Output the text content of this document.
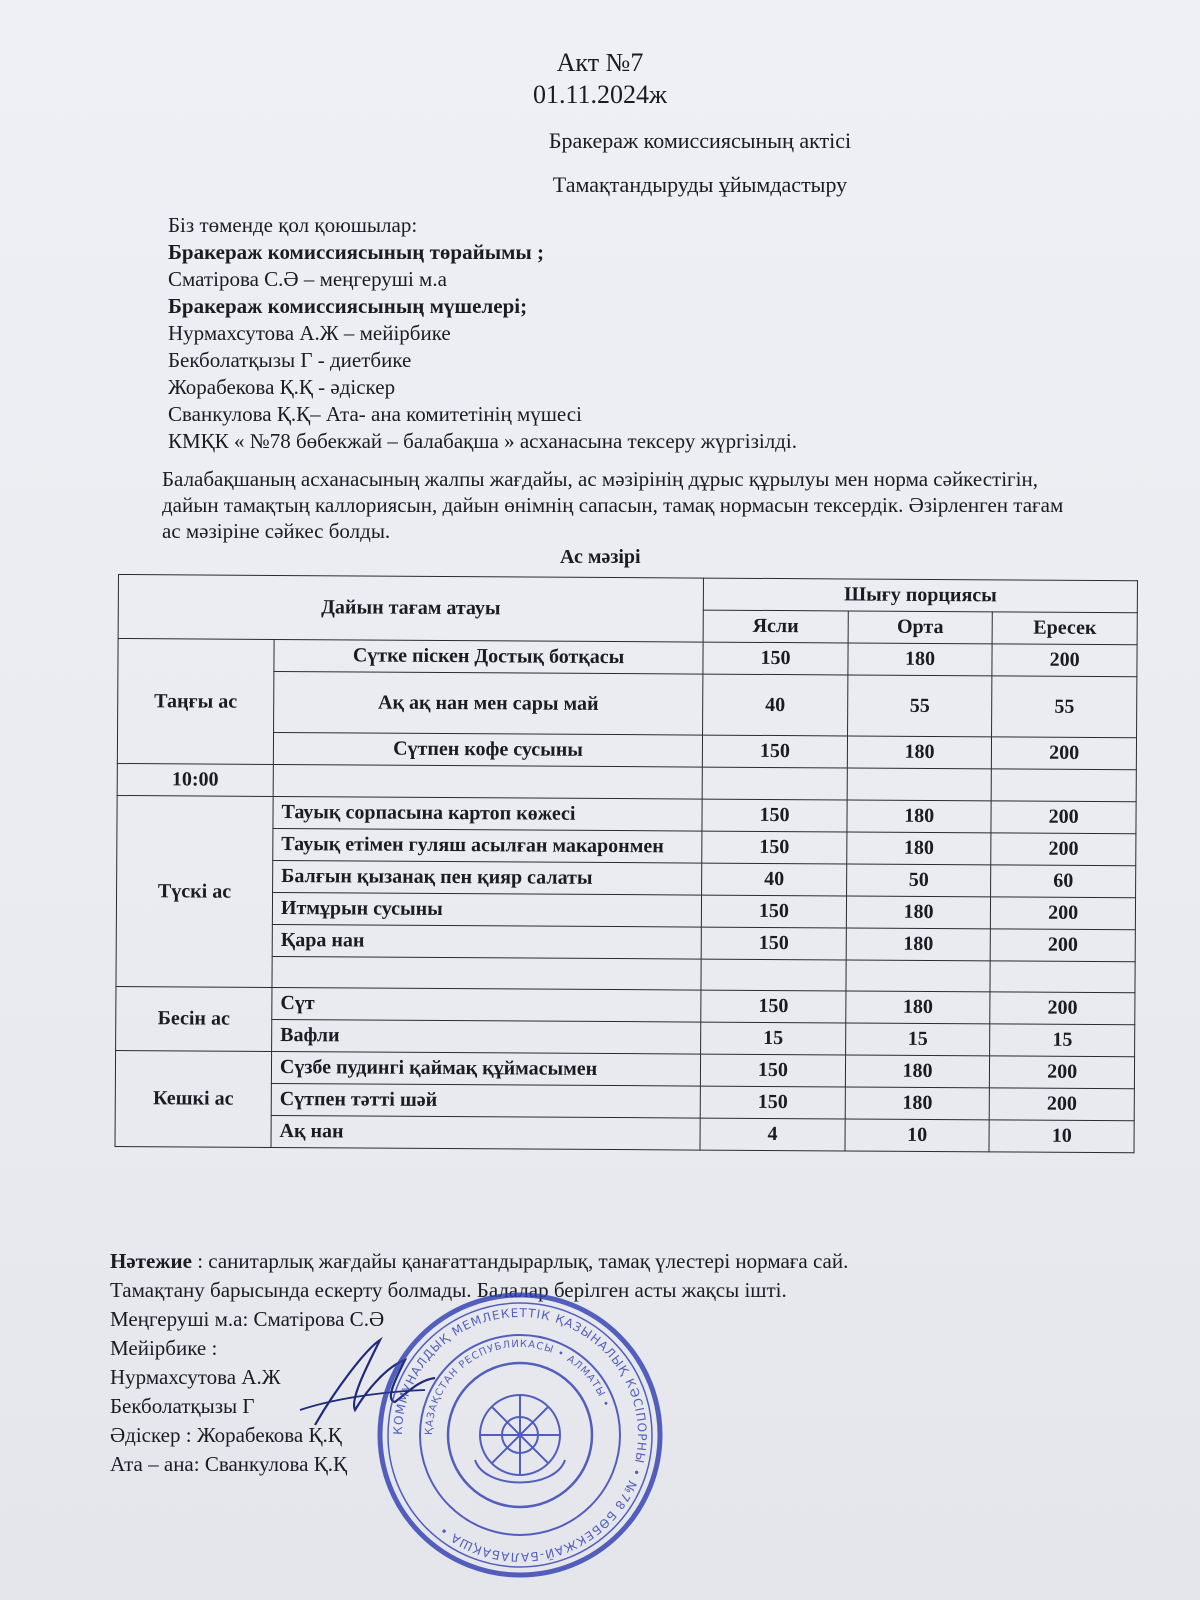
Акт №7
01.11.2024ж
Бракераж комиссиясының актісі
Тамақтандыруды ұйымдастыру
Біз төменде қол қоюшылар:
Бракераж комиссиясының төрайымы ;
Сматірова С.Ә – меңгеруші м.а
Бракераж комиссиясының мүшелері;
Нурмахсутова А.Ж – мейірбике
Бекболатқызы Г - диетбике
Жорабекова Қ.Қ - әдіскер
Сванкулова Қ.Қ– Ата- ана комитетінің мүшесі
КМҚК « №78 бөбекжай – балабақша » асханасына тексеру жүргізілді.
Балабақшаның асханасының жалпы жағдайы, ас мәзірінің дұрыс құрылуы мен норма сәйкестігін, дайын тамақтың каллориясын, дайын өнімнің сапасын, тамақ нормасын тексердік. Әзірленген тағам ас мәзіріне сәйкес болды.
Ас мәзірі
Дайын тағам атауы		Шығу порциясы		
		Ясли	Орта	Ересек
Таңғы ас	Сүтке піскен Достық ботқасы	150	180	200
	Ақ ақ нан мен сары май	40	55	55
	Сүтпен кофе сусыны	150	180	200
10:00				
Түскі ас	Тауық сорпасына картоп көжесі	150	180	200
	Тауық етімен гуляш асылған макаронмен	150	180	200
	Балғын қызанақ пен қияр салаты	40	50	60
	Итмұрын сусыны	150	180	200
	Қара нан	150	180	200

Бесін ас	Сүт	150	180	200
	Вафли	15	15	15
Кешкі ас	Сүзбе пудингі қаймақ құймасымен	150	180	200
	Сүтпен тәтті шәй	150	180	200
	Ақ нан	4	10	10
Нәтежие : санитарлық жағдайы қанағаттандырарлық, тамақ үлестері нормаға сай.
Тамақтану барысында ескерту болмады. Балалар берілген асты жақсы ішті.
Меңгеруші м.а: Сматірова С.Ә
Мейірбике :
Нурмахсутова А.Ж
Бекболатқызы Г
Әдіскер : Жорабекова Қ.Қ
Ата – ана: Сванкулова Қ.Қ
КОММУНАЛДЫҚ МЕМЛЕКЕТТІК ҚАЗЫНАЛЫҚ КӘСІПОРНЫ • №78 БӨБЕКЖАЙ-БАЛАБАҚША •
ҚАЗАҚСТАН РЕСПУБЛИКАСЫ • АЛМАТЫ •
